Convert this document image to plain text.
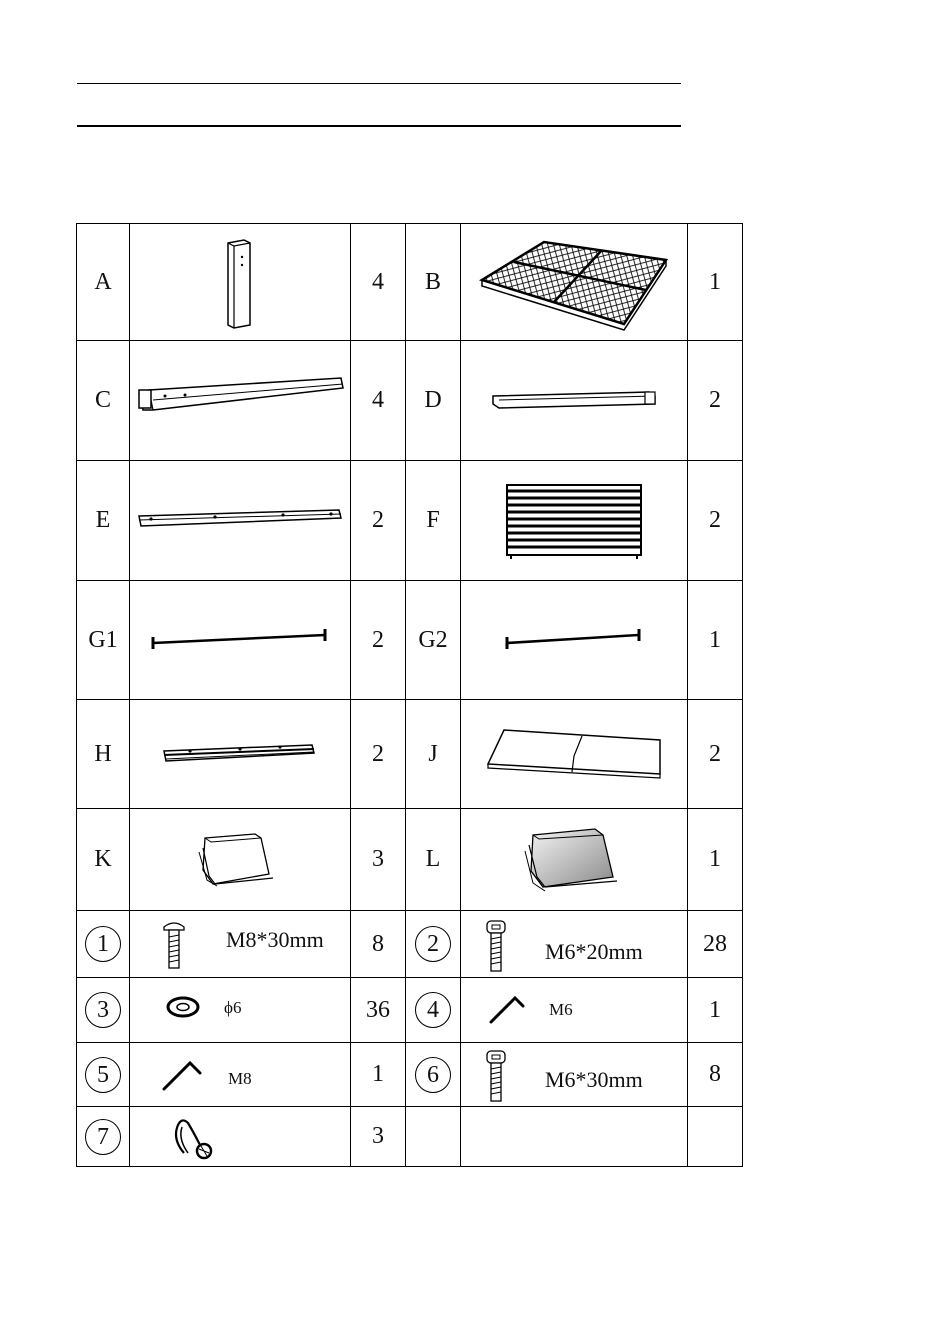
A		4	B		1
C		4	D		2
E		2	F		2
G1		2	G2		1
H		2	J		2
K		3	L		1
1	M8*30mm	8	2	M6*20mm	28
3	ϕ6	36	4	M6	1
5	M8	1	6	M6*30mm	8
7		3			
